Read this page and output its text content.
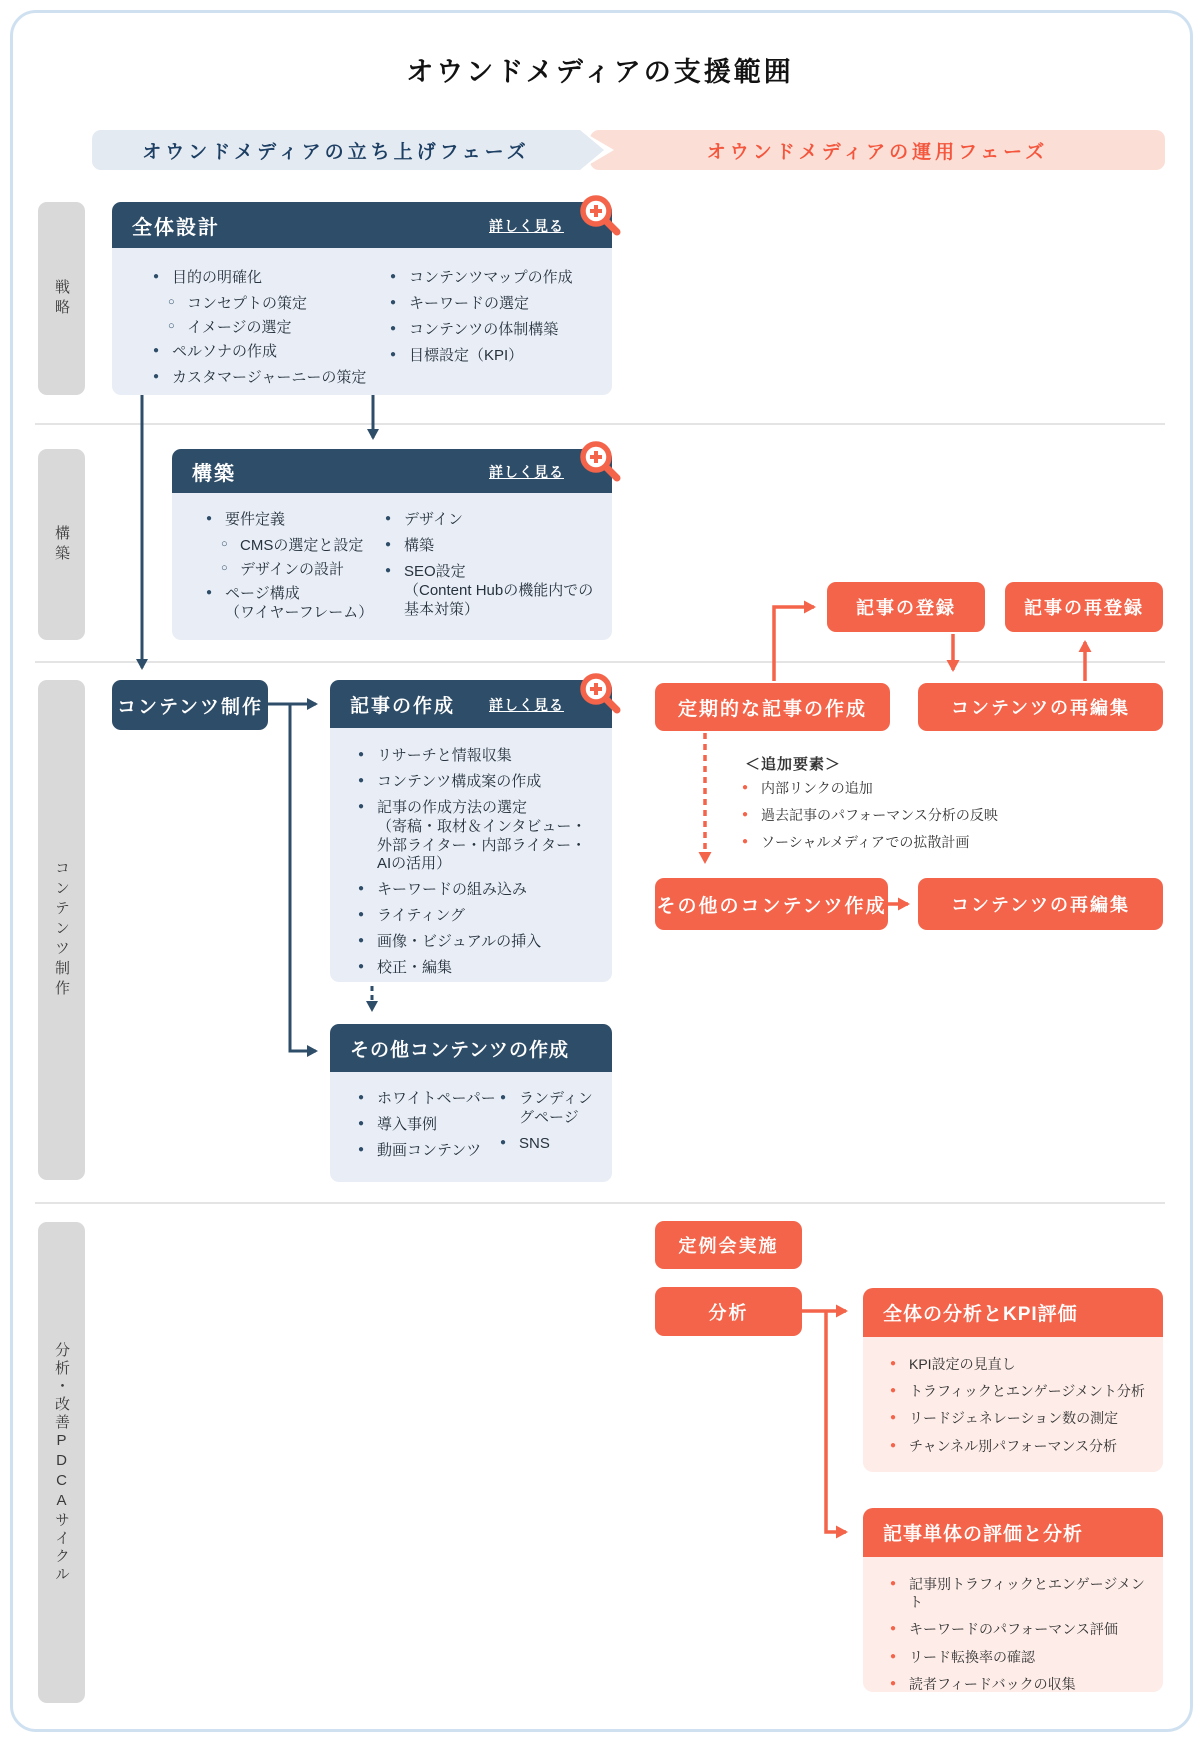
オウンドメディアの支援範囲
オウンドメディアの運用フェーズ
オウンドメディアの立ち上げフェーズ
戦略
構築
コンテンツ制作
分析・改善PDCAサイクル
全体設計	詳しく見る
● 目的の明確化
○ コンセプトの策定
○ イメージの選定
● ペルソナの作成
● カスタマージャーニーの策定
● コンテンツマップの作成
● キーワードの選定
● コンテンツの体制構築
● 目標設定（KPI）
構築	詳しく見る
● 要件定義
○ CMSの選定と設定
○ デザインの設計
● ページ構成
（ワイヤーフレーム）
● デザイン
● 構築
● SEO設定
（Content Hubの機能内での基本対策）
コンテンツ制作	記事の作成 詳しく見る
● リサーチと情報収集
● コンテンツ構成案の作成
● 記事の作成方法の選定
（寄稿・取材＆インタビュー・外部ライター・内部ライター・AIの活用）
● キーワードの組み込み
● ライティング
● 画像・ビジュアルの挿入
● 校正・編集
その他コンテンツの作成
● ホワイトペーパー
● 導入事例
● 動画コンテンツ
● ランディングページ
● SNS
記事の登録	記事の再登録
定期的な記事の作成	コンテンツの再編集
＜追加要素＞
● 内部リンクの追加
● 過去記事のパフォーマンス分析の反映
● ソーシャルメディアでの拡散計画
その他のコンテンツ作成	コンテンツの再編集
定例会実施
分析	全体の分析とKPI評価
● KPI設定の見直し
● トラフィックとエンゲージメント分析
● リードジェネレーション数の測定
● チャンネル別パフォーマンス分析
記事単体の評価と分析
● 記事別トラフィックとエンゲージメント
● キーワードのパフォーマンス評価
● リード転換率の確認
● 読者フィードバックの収集
